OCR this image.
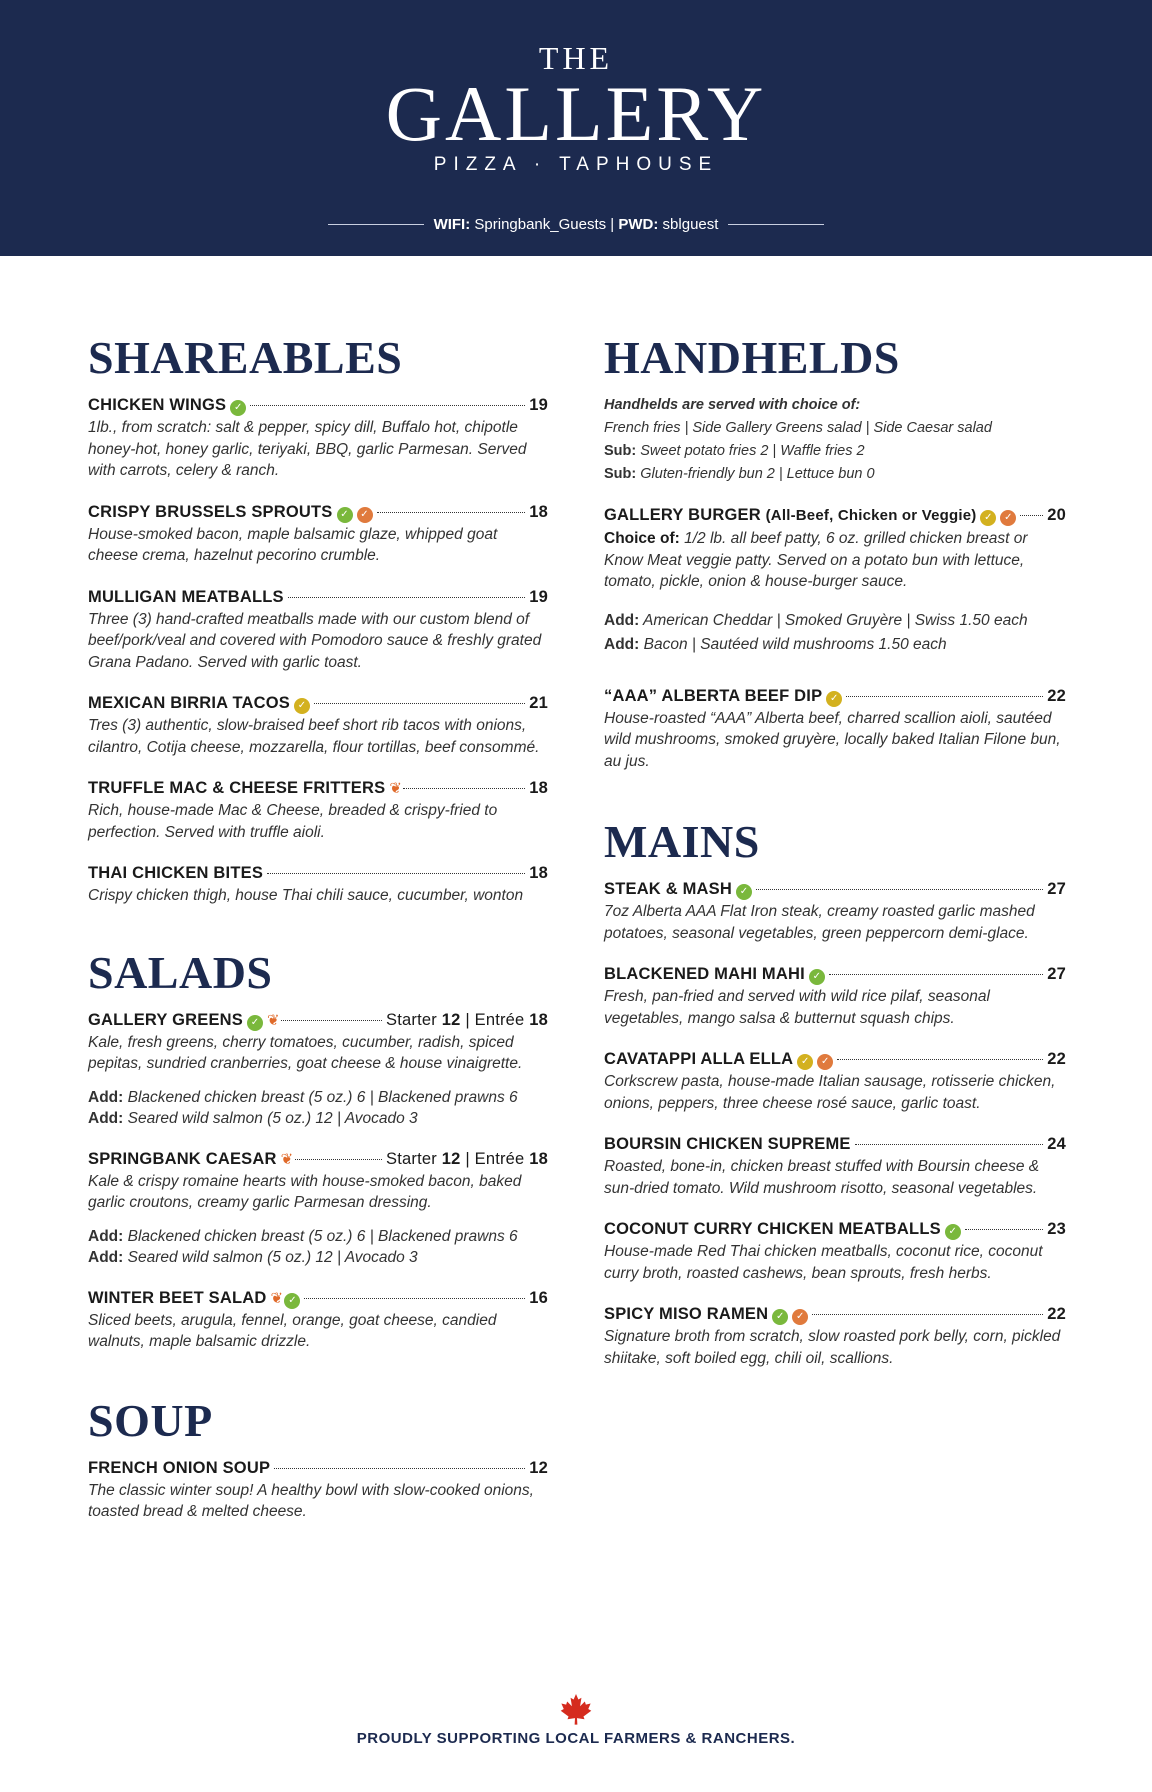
THE
GALLERY
PIZZA · TAPHOUSE
WIFI: Springbank_Guests | PWD: sblguest
SHAREABLES
CHICKEN WINGS ✓	19
1lb., from scratch: salt & pepper, spicy dill, Buffalo hot, chipotle honey-hot, honey garlic, teriyaki, BBQ, garlic Parmesan. Served with carrots, celery & ranch.
CRISPY BRUSSELS SPROUTS ✓	✓	18
House-smoked bacon, maple balsamic glaze, whipped goat cheese crema, hazelnut pecorino crumble.
MULLIGAN MEATBALLS	19
Three (3) hand-crafted meatballs made with our custom blend of beef/pork/veal and covered with Pomodoro sauce & freshly grated Grana Padano. Served with garlic toast.
MEXICAN BIRRIA TACOS ✓	21
Tres (3) authentic, slow-braised beef short rib tacos with onions, cilantro, Cotija cheese, mozzarella, flour tortillas, beef consommé.
TRUFFLE MAC & CHEESE FRITTERS ❦	18
Rich, house-made Mac & Cheese, breaded & crispy-fried to perfection. Served with truffle aioli.
THAI CHICKEN BITES	18
Crispy chicken thigh, house Thai chili sauce, cucumber, wonton
SALADS
GALLERY GREENS ✓ ❦	Starter 12 | Entrée 18
Kale, fresh greens, cherry tomatoes, cucumber, radish, spiced pepitas, sundried cranberries, goat cheese & house vinaigrette.
Add: Blackened chicken breast (5 oz.) 6 | Blackened prawns 6
Add: Seared wild salmon (5 oz.) 12 | Avocado 3
SPRINGBANK CAESAR ❦	Starter 12 | Entrée 18
Kale & crispy romaine hearts with house-smoked bacon, baked garlic croutons, creamy garlic Parmesan dressing.
Add: Blackened chicken breast (5 oz.) 6 | Blackened prawns 6
Add: Seared wild salmon (5 oz.) 12 | Avocado 3
WINTER BEET SALAD ❦ ✓	16
Sliced beets, arugula, fennel, orange, goat cheese, candied walnuts, maple balsamic drizzle.
SOUP
FRENCH ONION SOUP	12
The classic winter soup! A healthy bowl with slow-cooked onions, toasted bread & melted cheese.
HANDHELDS
Handhelds are served with choice of:
French fries | Side Gallery Greens salad | Side Caesar salad
Sub: Sweet potato fries 2 | Waffle fries 2
Sub: Gluten-friendly bun 2 | Lettuce bun 0
GALLERY BURGER (All-Beef, Chicken or Veggie) ✓	✓ 20
Choice of: 1/2 lb. all beef patty, 6 oz. grilled chicken breast or Know Meat veggie patty. Served on a potato bun with lettuce, tomato, pickle, onion & house-burger sauce.
Add: American Cheddar | Smoked Gruyère | Swiss 1.50 each
Add: Bacon | Sautéed wild mushrooms 1.50 each
“AAA” ALBERTA BEEF DIP ✓	22
House-roasted “AAA” Alberta beef, charred scallion aioli, sautéed wild mushrooms, smoked gruyère, locally baked Italian Filone bun, au jus.
MAINS
STEAK & MASH ✓	27
7oz Alberta AAA Flat Iron steak, creamy roasted garlic mashed potatoes, seasonal vegetables, green peppercorn demi-glace.
BLACKENED MAHI MAHI ✓	27
Fresh, pan-fried and served with wild rice pilaf, seasonal vegetables, mango salsa & butternut squash chips.
CAVATAPPI ALLA ELLA ✓	✓	22
Corkscrew pasta, house-made Italian sausage, rotisserie chicken, onions, peppers, three cheese rosé sauce, garlic toast.
BOURSIN CHICKEN SUPREME	24
Roasted, bone-in, chicken breast stuffed with Boursin cheese & sun-dried tomato. Wild mushroom risotto, seasonal vegetables.
COCONUT CURRY CHICKEN MEATBALLS ✓	23
House-made Red Thai chicken meatballs, coconut rice, coconut curry broth, roasted cashews, bean sprouts, fresh herbs.
SPICY MISO RAMEN ✓	✓	22
Signature broth from scratch, slow roasted pork belly, corn, pickled shiitake, soft boiled egg, chili oil, scallions.
PROUDLY SUPPORTING LOCAL FARMERS & RANCHERS.
